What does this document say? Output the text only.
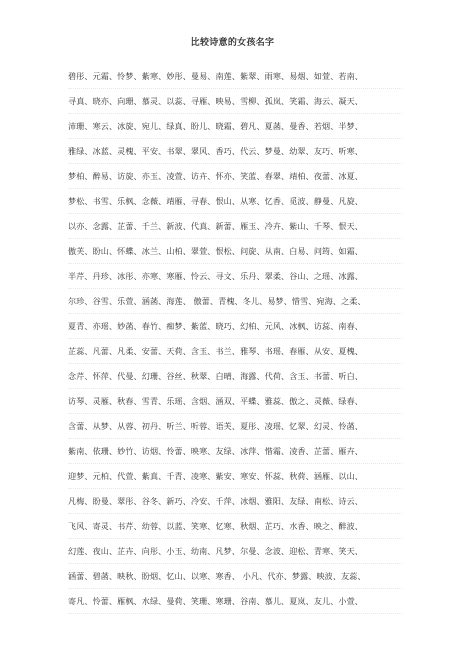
比较诗意的女孩名字
碧彤、元霜、怜梦、紫寒、妙彤、曼易、南莲、紫翠、雨寒、易烟、如萱、若南、
寻真、晓亦、向珊、慕灵、以蕊、寻雁、映易、雪柳、孤岚、笑霜、海云、凝天、
沛珊、寒云、冰旋、宛儿、绿真、盼儿、晓霜、碧凡、夏菡、曼香、若烟、半梦、
雅绿、冰蓝、灵槐、平安、书翠、翠风、香巧、代云、梦曼、幼翠、友巧、听寒、
梦柏、醉易、访旋、亦玉、凌萱、访卉、怀亦、笑蓝、春翠、靖柏、夜蕾、冰夏、
梦松、书雪、乐枫、念薇、靖雁、寻春、恨山、从寒、忆香、觅波、静曼、凡旋、
以亦、念露、芷蕾、千兰、新波、代真、新蕾、雁玉、冷卉、紫山、千琴、恨天、
傲芙、盼山、怀蝶、冰兰、山柏、翠萱、恨松、问旋、从南、白易、问筠、如霜、
半芹、丹珍、冰彤、亦寒、寒雁、怜云、寻文、乐丹、翠柔、谷山、之瑶、冰露、
尔珍、谷雪、乐萱、涵菡、海莲、 傲蕾、青槐、冬儿、易梦、惜雪、宛海、之柔、
夏青、亦瑶、妙菡、春竹、痴梦、紫蓝、晓巧、幻柏、元风、冰枫、访蕊、南春、
芷蕊、凡蕾、凡柔、安蕾、天荷、含玉、书兰、雅琴、书瑶、春雁、从安、夏槐、
念芹、怀萍、代曼、幻珊、谷丝、秋翠、白晴、海露、代荷、含玉、书蕾、听白、
访琴、灵雁、秋春、雪青、乐瑶、含烟、涵双、平蝶、雅蕊、傲之、灵薇、绿春、
含蕾、从梦、从蓉、初丹、听兰、听蓉、语芙、夏彤、凌瑶、忆翠、幻灵、怜菡、
紫南、依珊、妙竹、访烟、怜蕾、映寒、友绿、冰萍、惜霜、凌香、芷蕾、雁卉、
迎梦、元柏、代萱、紫真、千青、凌寒、紫安、寒安、怀蕊、秋荷、涵雁、以山、
凡梅、盼曼、翠彤、谷冬、新巧、冷安、千萍、冰烟、雅阳、友绿、南松、诗云、
飞风、寄灵、书芹、幼蓉、以蓝、笑寒、忆寒、秋烟、芷巧、水香、映之、醉波、
幻莲、夜山、芷卉、向彤、小玉、幼南、凡梦、尔曼、念波、迎松、青寒、笑天、
涵蕾、碧菡、映秋、盼烟、忆山、以寒、寒香、 小凡、代亦、梦露、映波、友蕊、
寄凡、怜蕾、雁枫、水绿、曼荷、笑珊、寒珊、谷南、慕儿、夏岚、友儿、小萱、
